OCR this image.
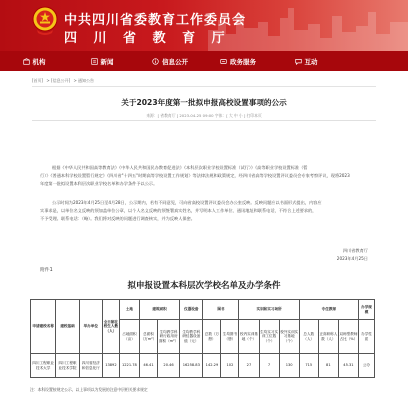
中共四川省委教育工作委员会
四 川 省 教 育 厅
机构	新闻	信息公开	政务服务	互动
[首页] > [信息公开] > 通知公告
关于2023年度第一批拟申报高校设置事项的公示
来源：[ 省教育厅 ] 2023-04-25 09:00 字体：[ 大 中 小 ] 打印本页
根据《中华人民共和国高等教育法》《中华人民共和国民办教育促进法》《本科层次职业学校设置标准（试行）》《高等职业学校设置标准（暂
行）》《普通本科学校设置暂行规定》《四川省"十四五"时期高等学校设置工作规划》等法律法规和政策规定，经四川省高等学校设置评议委员会专家考察评议，现将2023
年度第一批拟设置本科层次职业学校名单和办学条件予以公示。
公示时间为2023年4月25日至4月28日，公示期内，若有不同意见，可向省高校设置评议委员会办公室反映。反映问题应以书面形式提出，内容应
实事求是，以单位名义反映的须加盖单位公章，以个人名义反映的须签署真实姓名，并写明本人工作单位、通讯地址和联系电话，不符合上述要求的，
不予受理。联系电话：（略）。我们将对反映的问题进行调查核实，并为反映人保密。
四川省教育厅
2023年4月25日
附件1
拟申报设置本科层次学校名单及办学条件
申请建校名称	建校基础	举办单位	全日制在校生人数（人）	土地	建筑面积		仪器设备	图书		实训和实习场所			专任教师			办学规模
				占地面积（亩）	总面积（万m²）	生均教学科研行政用房面积（m²）	生均教学科研仪器设备值（元）	总数（万册）	生均图书（册）	校内实训基地（个）	生均实习实训工位数（个）	校外实训实习基地（个）	总人数（人）	正高职称人数（人）	双师型教师占比（%）	办学性质
四川工程职业技术大学	四川工程职业技术学院	四川省经济和信息化厅	13892	1221.78	46.41	20.46	16258.83	142.29	102	27	7	130	715	81	45.31	公办
注：本科设置按规定公示，以上事项以为发展的注意中层相关要求规定
